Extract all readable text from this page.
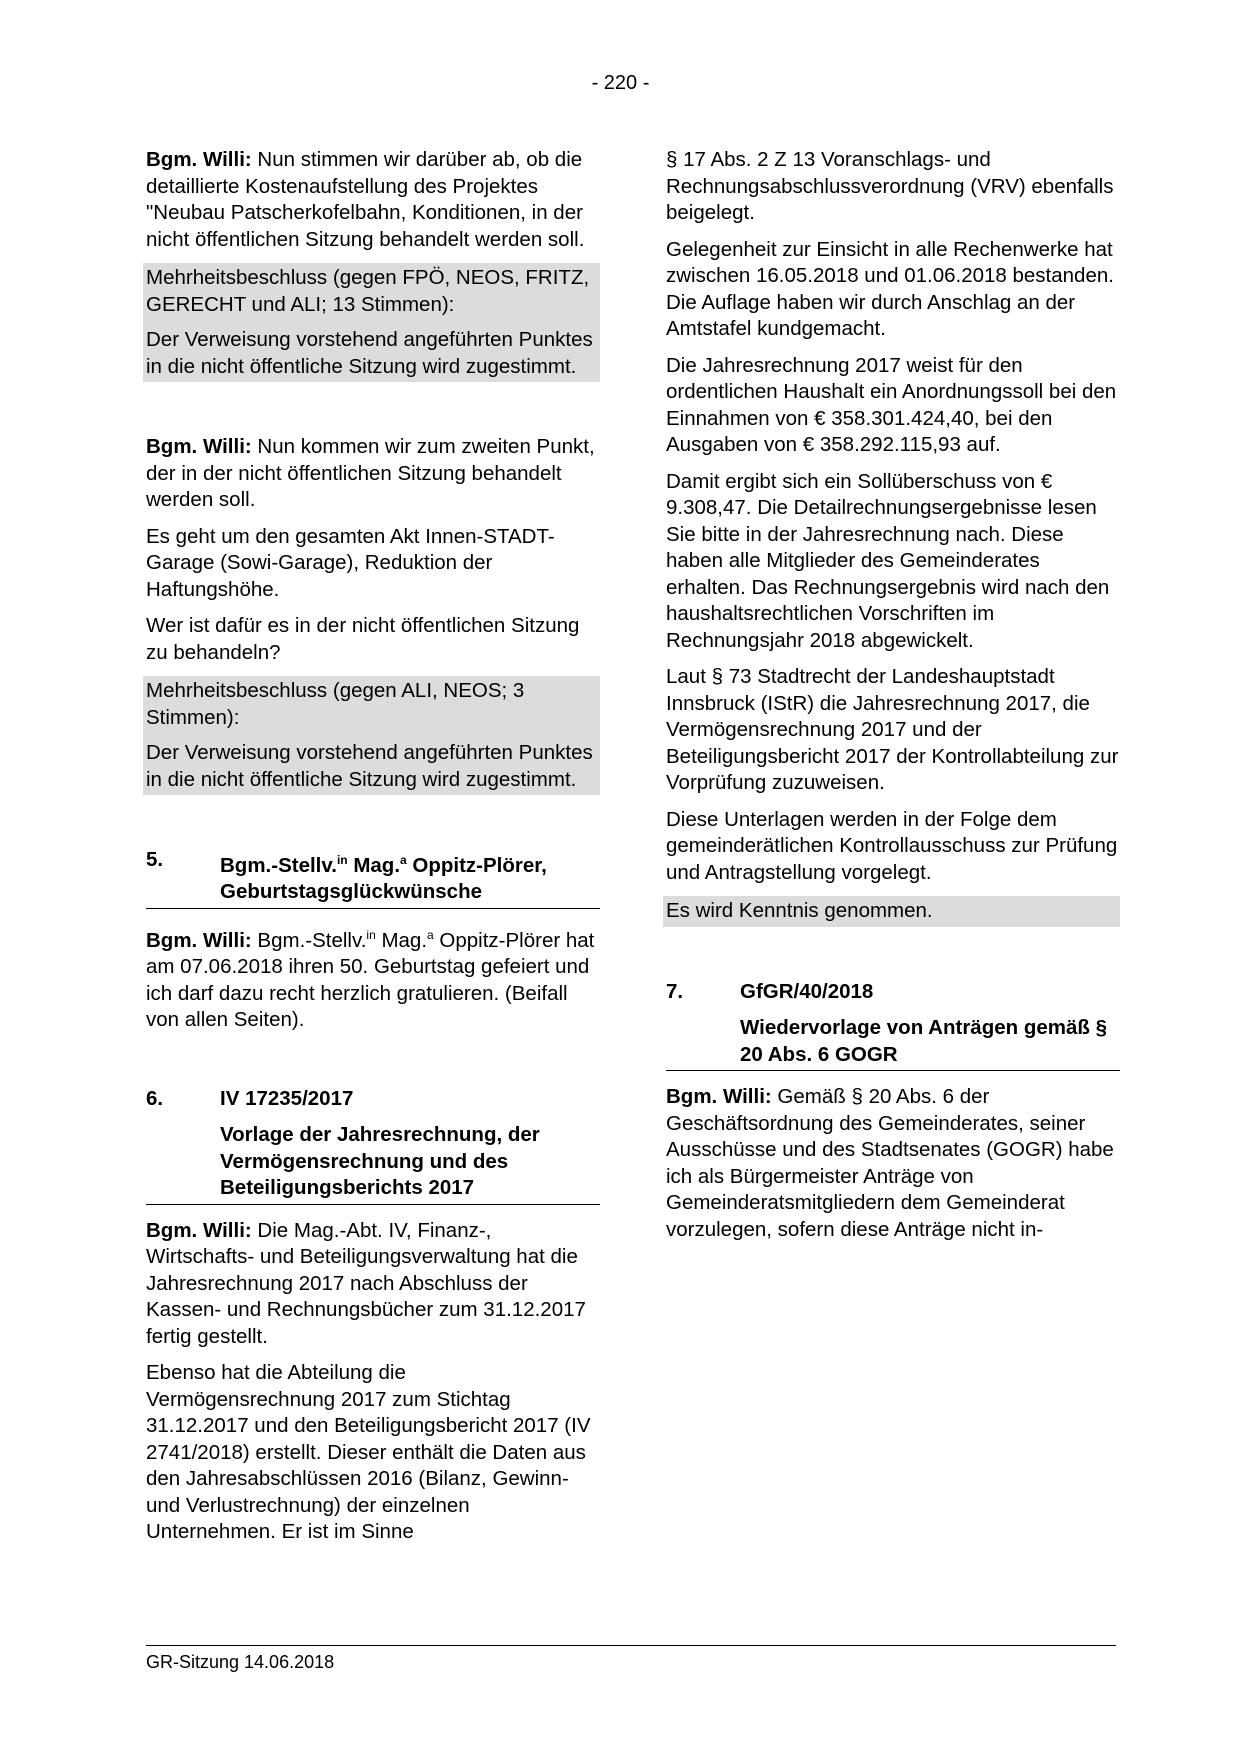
- 220 -

Bgm. Willi: Nun stimmen wir darüber ab, ob die detaillierte Kostenaufstellung des Projektes "Neubau Patscherkofelbahn, Konditionen, in der nicht öffentlichen Sitzung behandelt werden soll.

Mehrheitsbeschluss (gegen FPÖ, NEOS, FRITZ, GERECHT und ALI; 13 Stimmen):

Der Verweisung vorstehend angeführten Punktes in die nicht öffentliche Sitzung wird zugestimmt.

Bgm. Willi: Nun kommen wir zum zweiten Punkt, der in der nicht öffentlichen Sitzung behandelt werden soll.

Es geht um den gesamten Akt Innen-STADT-Garage (Sowi-Garage), Reduktion der Haftungshöhe.

Wer ist dafür es in der nicht öffentlichen Sitzung zu behandeln?

Mehrheitsbeschluss (gegen ALI, NEOS; 3 Stimmen):

Der Verweisung vorstehend angeführten Punktes in die nicht öffentliche Sitzung wird zugestimmt.

5.	Bgm.-Stellv.$^{in}$ Mag.$^a$ Oppitz-Plörer, Geburtstagsglückwünsche

Bgm. Willi: Bgm.-Stellv.$^{in}$ Mag.$^a$ Oppitz-Plörer hat am 07.06.2018 ihren 50. Geburtstag gefeiert und ich darf dazu recht herzlich gratulieren. (Beifall von allen Seiten).

6.	IV 17235/2017
Vorlage der Jahresrechnung, der Vermögensrechnung und des Beteiligungsberichts 2017

Bgm. Willi: Die Mag.-Abt. IV, Finanz-, Wirtschafts- und Beteiligungsverwaltung hat die Jahresrechnung 2017 nach Abschluss der Kassen- und Rechnungsbücher zum 31.12.2017 fertig gestellt.

Ebenso hat die Abteilung die Vermögensrechnung 2017 zum Stichtag 31.12.2017 und den Beteiligungsbericht 2017 (IV 2741/2018) erstellt. Dieser enthält die Daten aus den Jahresabschlüssen 2016 (Bilanz, Gewinn- und Verlustrechnung) der einzelnen Unternehmen. Er ist im Sinne

§ 17 Abs. 2 Z 13 Voranschlags- und Rechnungsabschlussverordnung (VRV) ebenfalls beigelegt.

Gelegenheit zur Einsicht in alle Rechenwerke hat zwischen 16.05.2018 und 01.06.2018 bestanden. Die Auflage haben wir durch Anschlag an der Amtstafel kundgemacht.

Die Jahresrechnung 2017 weist für den ordentlichen Haushalt ein Anordnungssoll bei den Einnahmen von € 358.301.424,40, bei den Ausgaben von € 358.292.115,93 auf.

Damit ergibt sich ein Sollüberschuss von € 9.308,47. Die Detailrechnungsergebnisse lesen Sie bitte in der Jahresrechnung nach. Diese haben alle Mitglieder des Gemeinderates erhalten. Das Rechnungsergebnis wird nach den haushaltsrechtlichen Vorschriften im Rechnungsjahr 2018 abgewickelt.

Laut § 73 Stadtrecht der Landeshauptstadt Innsbruck (IStR) die Jahresrechnung 2017, die Vermögensrechnung 2017 und der Beteiligungsbericht 2017 der Kontrollabteilung zur Vorprüfung zuzuweisen.

Diese Unterlagen werden in der Folge dem gemeinderätlichen Kontrollausschuss zur Prüfung und Antragstellung vorgelegt.

Es wird Kenntnis genommen.

7.	GfGR/40/2018
Wiedervorlage von Anträgen gemäß § 20 Abs. 6 GOGR

Bgm. Willi: Gemäß § 20 Abs. 6 der Geschäftsordnung des Gemeinderates, seiner Ausschüsse und des Stadtsenates (GOGR) habe ich als Bürgermeister Anträge von Gemeinderatsmitgliedern dem Gemeinderat vorzulegen, sofern diese Anträge nicht in-

GR-Sitzung 14.06.2018
